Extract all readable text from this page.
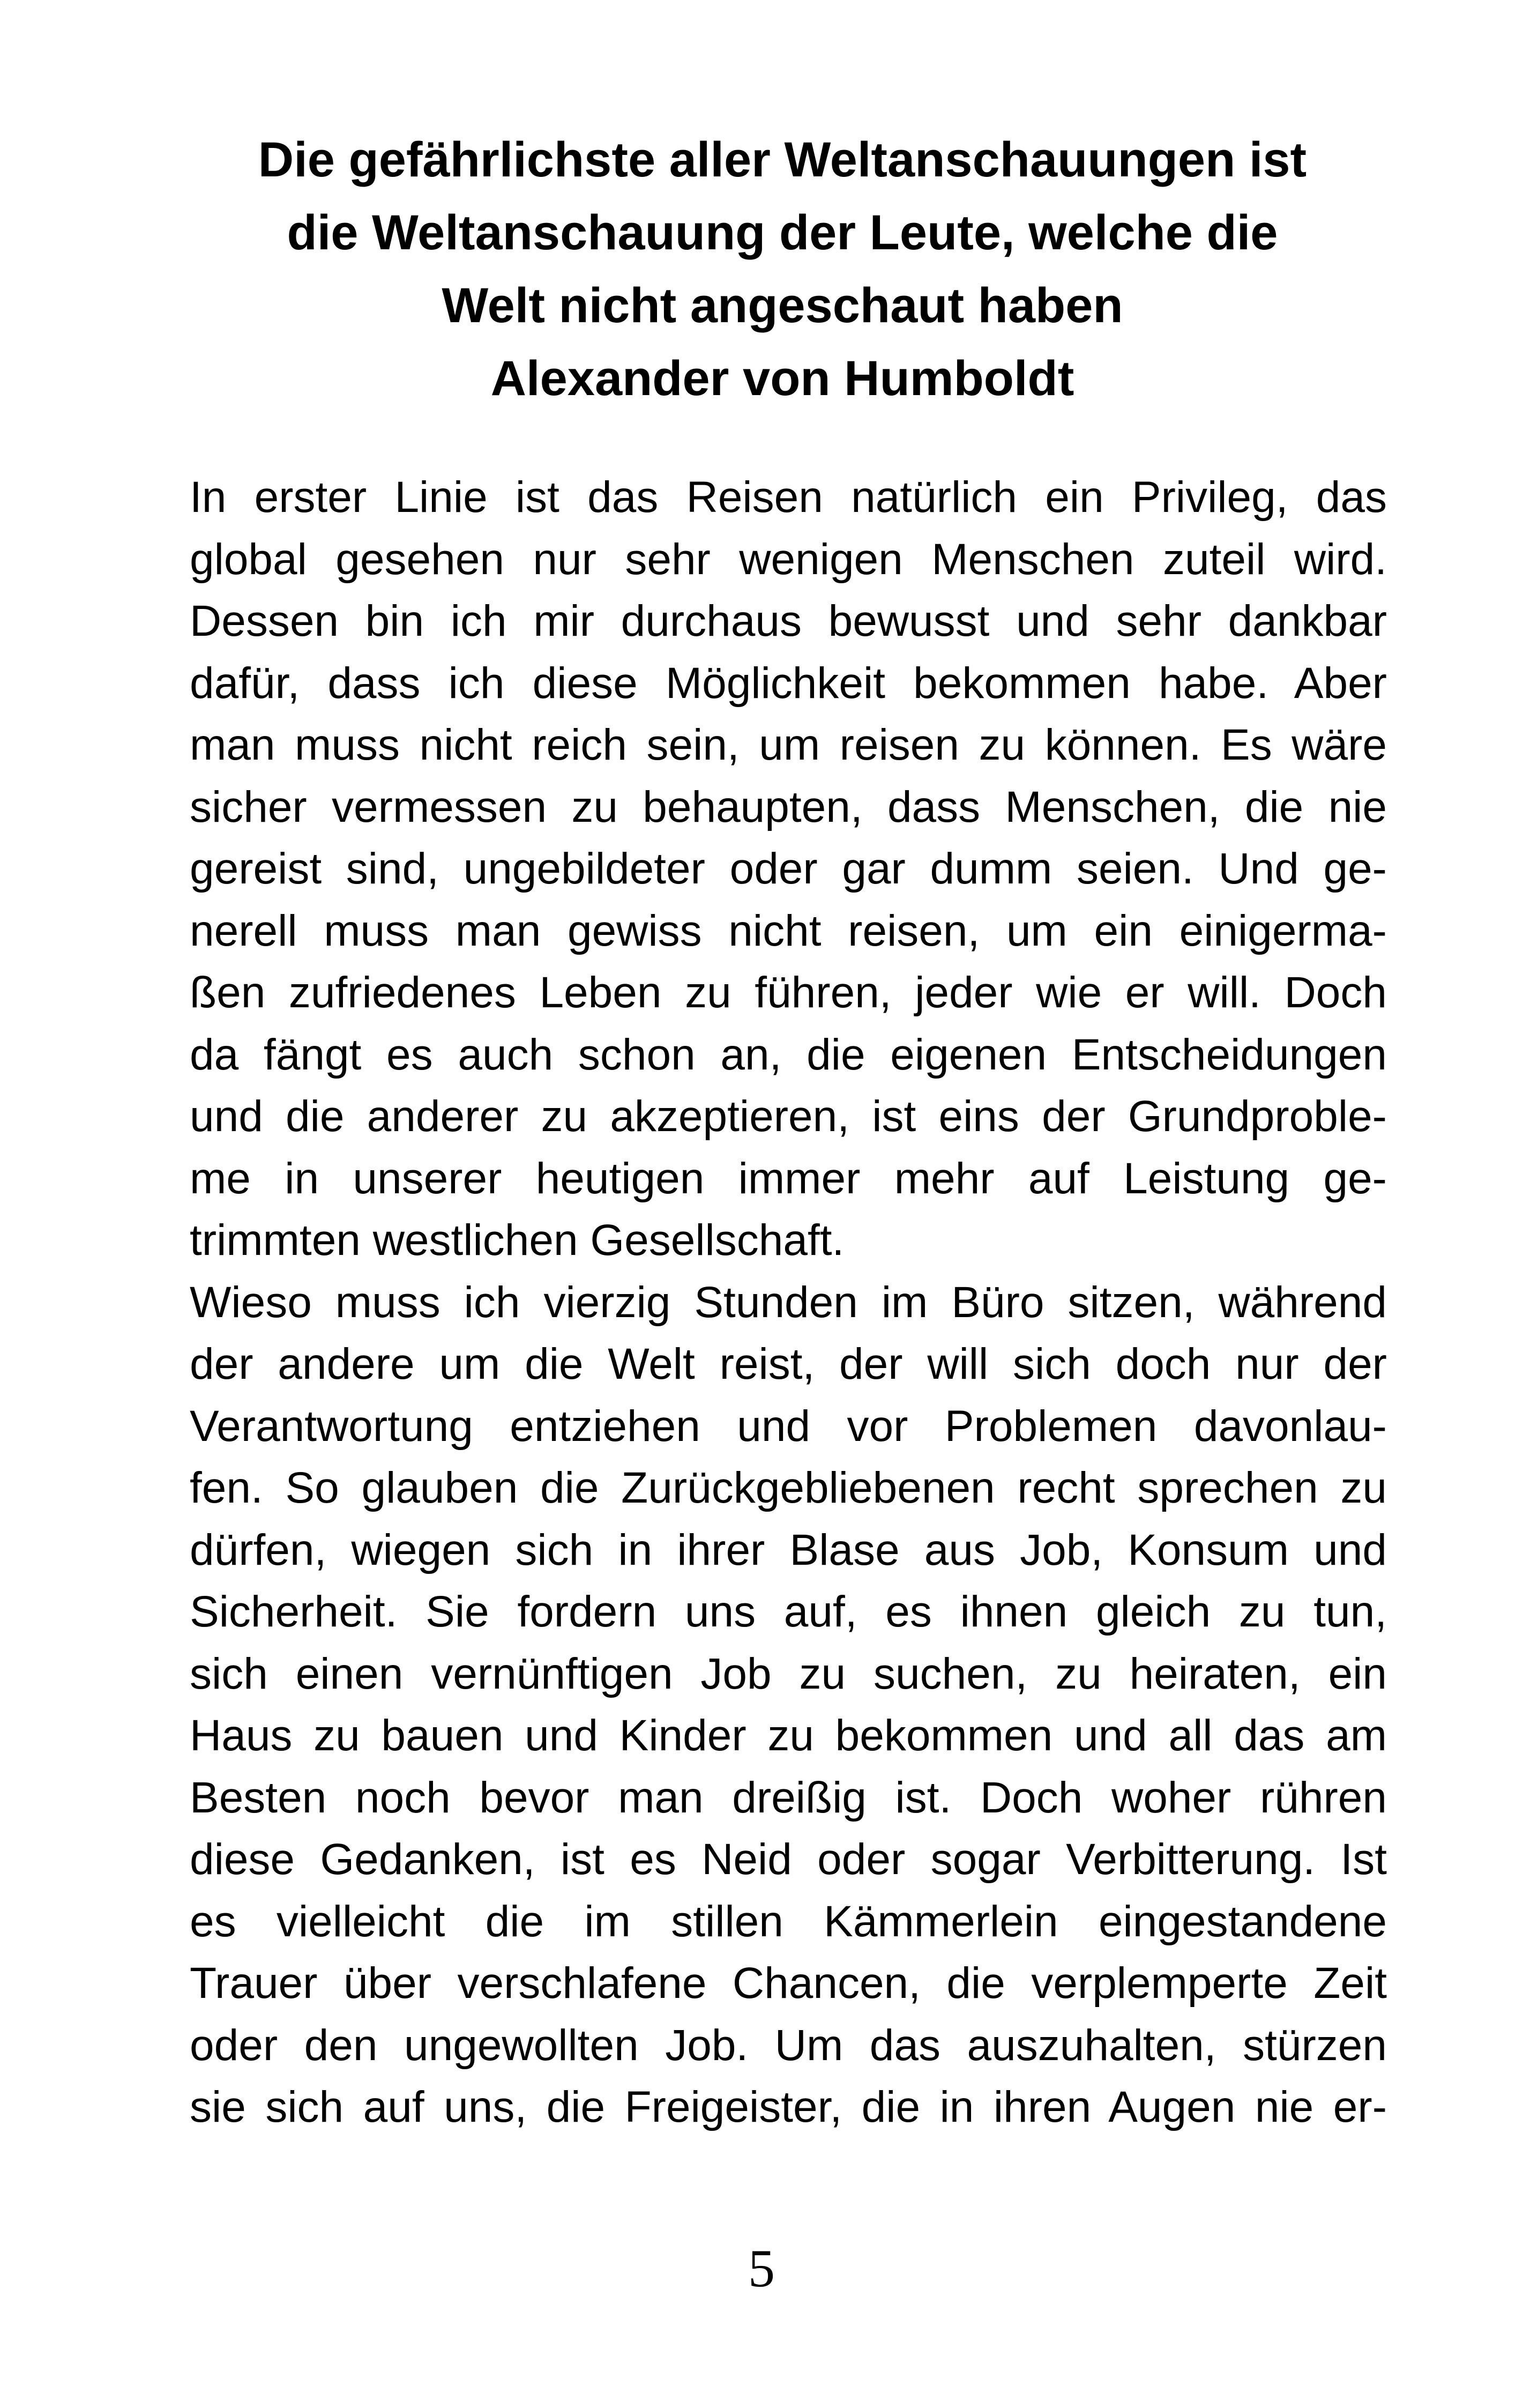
Die gefährlichste aller Weltanschauungen ist
die Weltanschauung der Leute, welche die
Welt nicht angeschaut haben
Alexander von Humboldt
In erster Linie ist das Reisen natürlich ein Privileg, das
global gesehen nur sehr wenigen Menschen zuteil wird.
Dessen bin ich mir durchaus bewusst und sehr dankbar
dafür, dass ich diese Möglichkeit bekommen habe. Aber
man muss nicht reich sein, um reisen zu können. Es wäre
sicher vermessen zu behaupten, dass Menschen, die nie
gereist sind, ungebildeter oder gar dumm seien. Und ge-
nerell muss man gewiss nicht reisen, um ein einigerma-
ßen zufriedenes Leben zu führen, jeder wie er will. Doch
da fängt es auch schon an, die eigenen Entscheidungen
und die anderer zu akzeptieren, ist eins der Grundproble-
me in unserer heutigen immer mehr auf Leistung ge-
trimmten westlichen Gesellschaft.
Wieso muss ich vierzig Stunden im Büro sitzen, während
der andere um die Welt reist, der will sich doch nur der
Verantwortung entziehen und vor Problemen davonlau-
fen. So glauben die Zurückgebliebenen recht sprechen zu
dürfen, wiegen sich in ihrer Blase aus Job, Konsum und
Sicherheit. Sie fordern uns auf, es ihnen gleich zu tun,
sich einen vernünftigen Job zu suchen, zu heiraten, ein
Haus zu bauen und Kinder zu bekommen und all das am
Besten noch bevor man dreißig ist. Doch woher rühren
diese Gedanken, ist es Neid oder sogar Verbitterung. Ist
es vielleicht die im stillen Kämmerlein eingestandene
Trauer über verschlafene Chancen, die verplemperte Zeit
oder den ungewollten Job. Um das auszuhalten, stürzen
sie sich auf uns, die Freigeister, die in ihren Augen nie er-
5
